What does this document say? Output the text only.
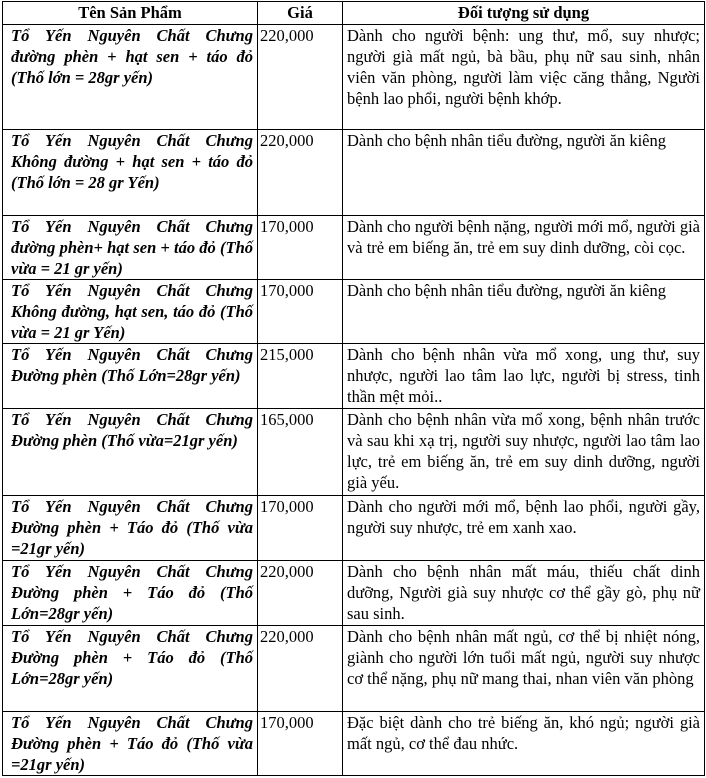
Tên Sản Phẩm	Giá	Đối tượng sử dụng
Tổ Yến Nguyên Chất Chưng đường phèn + hạt sen + táo đỏ (Thố lớn = 28gr yến)	220,000	Dành cho người bệnh: ung thư, mổ, suy nhược; người già mất ngủ, bà bầu, phụ nữ sau sinh, nhân viên văn phòng, người làm việc căng thẳng, Người bệnh lao phổi, người bệnh khớp.
Tổ Yến Nguyên Chất Chưng Không đường + hạt sen + táo đỏ (Thố lớn = 28 gr Yến)	220,000	Dành cho bệnh nhân tiểu đường, người ăn kiêng
Tổ Yến Nguyên Chất Chưng đường phèn+ hạt sen + táo đỏ (Thố vừa = 21 gr yến)	170,000	Dành cho người bệnh nặng, người mới mổ, người già và trẻ em biếng ăn, trẻ em suy dinh dưỡng, còi cọc.
Tổ Yến Nguyên Chất Chưng Không đường, hạt sen, táo đỏ (Thố vừa = 21 gr Yến)	170,000	Dành cho bệnh nhân tiểu đường, người ăn kiêng
Tổ Yến Nguyên Chất Chưng Đường phèn (Thố Lớn=28gr yến)	215,000	Dành cho bệnh nhân vừa mổ xong, ung thư, suy nhược, người lao tâm lao lực, người bị stress, tinh thần mệt mỏi..
Tổ Yến Nguyên Chất Chưng Đường phèn (Thố vừa=21gr yến)	165,000	Dành cho bệnh nhân vừa mổ xong, bệnh nhân trước và sau khi xạ trị, người suy nhược, người lao tâm lao lực, trẻ em biếng ăn, trẻ em suy dinh dưỡng, người già yếu.
Tổ Yến Nguyên Chất Chưng Đường phèn + Táo đỏ (Thố vừa =21gr yến)	170,000	Dành cho người mới mổ, bệnh lao phổi, người gầy, người suy nhược, trẻ em xanh xao.
Tổ Yến Nguyên Chất Chưng Đường phèn + Táo đỏ (Thố Lớn=28gr yến)	220,000	Dành cho bệnh nhân mất máu, thiếu chất dinh dưỡng, Người già suy nhược cơ thể gầy gò, phụ nữ sau sinh.
Tổ Yến Nguyên Chất Chưng Đường phèn + Táo đỏ (Thố Lớn=28gr yến)	220,000	Dành cho bệnh nhân mất ngủ, cơ thể bị nhiệt nóng, giành cho người lớn tuổi mất ngủ, người suy nhược cơ thể nặng, phụ nữ mang thai, nhan viên văn phòng
Tổ Yến Nguyên Chất Chưng Đường phèn + Táo đỏ (Thố vừa =21gr yến)	170,000	Đặc biệt dành cho trẻ biếng ăn, khó ngủ; người già mất ngủ, cơ thể đau nhức.
